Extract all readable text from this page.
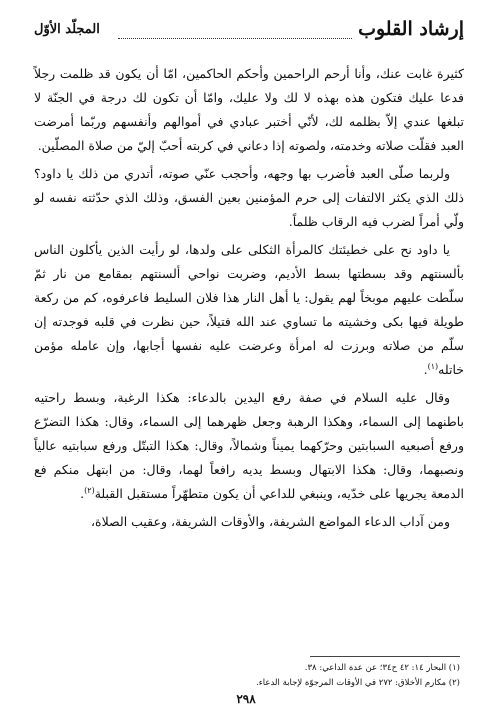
إرشاد القلوب
المجلّد الأوّل

كثيرة غابت عنك، وأنا أرحم الراحمين وأحكم الحاكمين، امّا أن يكون قد ظلمت رجلاً فدعا عليك فتكون هذه بهذه لا لك ولا عليك، وامّا أن تكون لك درجة في الجنّة لا تبلغها عندي إلاّ بظلمه لك، لأنّي أختبر عبادي في أموالهم وأنفسهم وربّما أمرضت العبد فقلّت صلاته وخدمته، ولصوته إذا دعاني في كربته أحبّ إليّ من صلاة المصلّين.

ولربما صلّى العبد فأضرب بها وجهه، وأحجب عنّي صوته، أتدري من ذلك يا داود؟ ذلك الذي يكثر الالتفات إلى حرم المؤمنين بعين الفسق، وذلك الذي حدّثته نفسه لو ولّي أمراً لضرب فيه الرقاب ظلماً.

يا داود نح على خطيئتك كالمرأة الثكلى على ولدها، لو رأيت الذين يأكلون الناس بألسنتهم وقد بسطتها بسط الأديم، وضربت نواحي ألسنتهم بمقامع من نار ثمّ سلّطت عليهم موبخاً لهم يقول: يا أهل النار هذا فلان السليط فاعرفوه، كم من ركعة طويلة فيها بكى وخشيته ما تساوي عند الله فتيلاً، حين نظرت في قلبه فوجدته إن سلّم من صلاته وبرزت له امرأة وعرضت عليه نفسها أجابها، وإن عامله مؤمن خاتله$^{(١)}$.

وقال عليه السلام في صفة رفع اليدين بالدعاء: هكذا الرغبة، وبسط راحتيه باطنهما إلى السماء، وهكذا الرهبة وجعل ظهرهما إلى السماء، وقال: هكذا التضرّع ورفع أصبعيه السبابتين وحرّكهما يميناً وشمالاً، وقال: هكذا التبتّل ورفع سبابتيه عالياً ونصبهما، وقال: هكذا الابتهال وبسط يديه رافعاً لهما، وقال: من ابتهل منكم فع الدمعة يجريها على خدّيه، وينبغي للداعي أن يكون متطهّراً مستقبل القبلة$^{(٢)}$.

ومن آداب الدعاء المواضع الشريفة، والأوقات الشريفة، وعقيب الصلاة،

(١) البحار ١٤: ٤٢ ح٣٤؛ عن عدة الداعي: ٣٨.
(٢) مكارم الأخلاق: ٢٧٢ في الأوقات المرجوّة لإجابة الدعاء.
٢٩٨
